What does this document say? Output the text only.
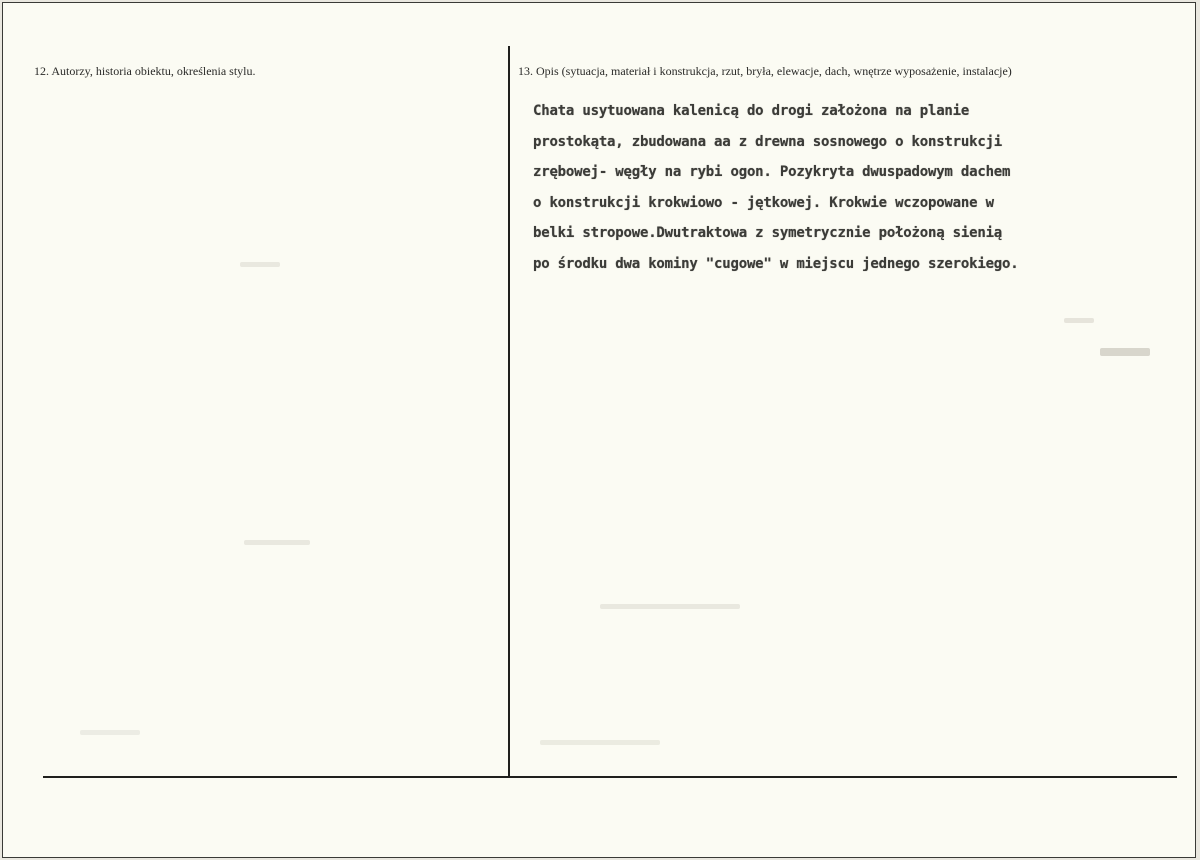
12. Autorzy, historia obiektu, określenia stylu.	13. Opis (sytuacja, materiał i konstrukcja, rzut, bryła, elewacje, dach, wnętrze wyposażenie, instalacje)
Chata usytuowana kalenicą do drogi założona na planie
prostokąta, zbudowana aa z drewna sosnowego o konstrukcji
zrębowej- węgły na rybi ogon. Pozykryta dwuspadowym dachem
o konstrukcji krokwiowo - jętkowej. Krokwie wczopowane w
belki stropowe.Dwutraktowa z symetrycznie położoną sienią
po środku dwa kominy "cugowe" w miejscu jednego szerokiego.
